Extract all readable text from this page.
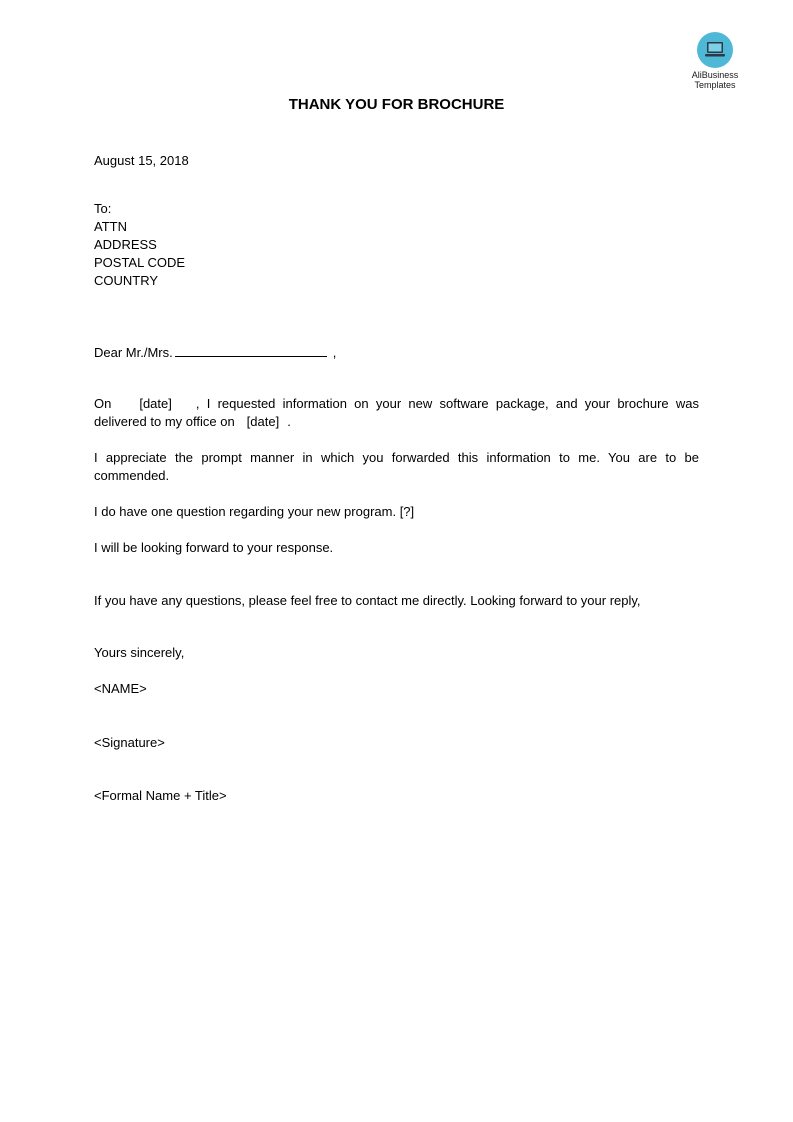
AliBusiness
Templates
THANK YOU FOR BROCHURE
August 15, 2018
To:
ATTN
ADDRESS
POSTAL CODE
COUNTRY
Dear Mr./Mrs.	,
On [date] , I requested information on your new software package, and your brochure was delivered to my office on [date] .
I appreciate the prompt manner in which you forwarded this information to me. You are to be commended.
I do have one question regarding your new program. [?]
I will be looking forward to your response.
If you have any questions, please feel free to contact me directly. Looking forward to your reply,
Yours sincerely,
<NAME>
<Signature>
<Formal Name + Title>
